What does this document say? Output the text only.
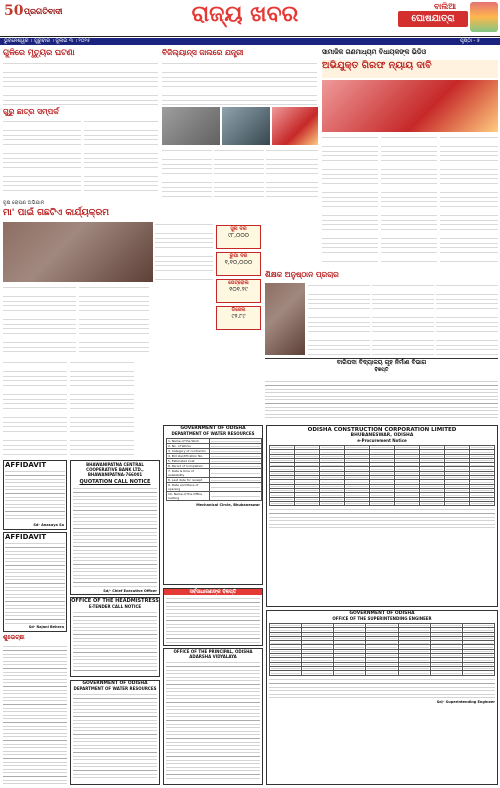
50 ପ୍ରଗତିବାଦୀ	ରାଜ୍ୟ ଖବର	ବାଲିଆ
ଘୋଷଯାତ୍ରା
ଭୁବନେଶ୍ୱର । ଗୁରୁବାର । ଜୁଲାଇ ୩ । ୨୦୨୫	ପୃଷ୍ଠା - ୫
ଗୁଳିରେ ମୃତ୍ୟୁର ଘଟଣା
ଗୁରୁ ଛାତ୍ର ସମ୍ପର୍କ
ବୃକ୍ଷ ରୋପଣ ଅଭିଯାନ
ମା' ପାଇଁ ଗଛଟିଏ କାର୍ଯ୍ୟକ୍ରମ
ବିଜିଲ୍ୟାନ୍ସ ଜାଲରେ ଯନ୍ତ୍ରୀ
ସୁନା ଦର
୯୮,୦୦୦
ରୁପା ଦର
୧,୧୦,୦୦୦
ପେଟ୍ରୋଲ
୧୦୧.୨୯
ଡିଜେଲ
୯୨.୮୯
ସାମାଜିକ ଗଣମାଧ୍ୟମ ବିଧାୟକଙ୍କ ଭିଡିଓ
ଅଭିଯୁକ୍ତ ଗିରଫ ନ୍ୟାୟ ଦାବି
ଶିକ୍ଷକ ଅନୁଷ୍ଠାନ ପ୍ରଚାର
ବାରିପଦା ବିଦ୍ୟାଳୟ ଗୃହ ନିର୍ମାଣ ବିଭାଗ
ବିଜ୍ଞପ୍ତି
AFFIDAVIT
Sd- Anasuya Sa
AFFIDAVIT
Sd- Rajani Behera
ଶୁଭେଚ୍ଛା
BHAWANIPATNA CENTRAL COOPERATIVE BANK LTD., BHAWANIPATNA-766001
QUOTATION CALL NOTICE
Sd/- Chief Executive Officer
OFFICE OF THE HEADMISTRESS
E-TENDER CALL NOTICE
GOVERNMENT OF ODISHA
DEPARTMENT OF WATER RESOURCES
GOVERNMENT OF ODISHA
DEPARTMENT OF WATER RESOURCES
1. Name of the Work	

2. No. of Works	

3. Category of contractor	

4. Bid identification No.	

5. Estimated Cost	

6. Period of Completion	

7. Date & time of availability	

8. Last date for receipt	

9. Date and Place of opening	

10. Name of the Office inviting	
Mechanical Circle, Bhubaneswar
ସର୍ବସାଧାରଣଙ୍କ ବିଜ୍ଞପ୍ତି
OFFICE OF THE PRINCIPAL, ODISHA ADARSHA VIDYALAYA
ODISHA CONSTRUCTION CORPORATION LIMITED
BHUBANESWAR, ODISHA
e-Procurement Notice

GOVERNMENT OF ODISHA
OFFICE OF THE SUPERINTENDING ENGINEER

Sd/- Superintending Engineer
